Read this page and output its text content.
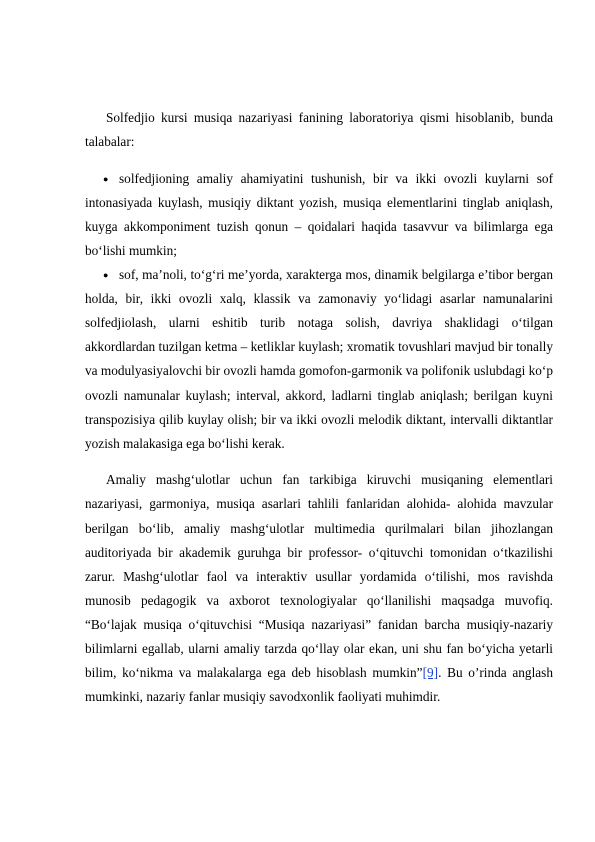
Solfedjio kursi musiqa nazariyasi fanining laboratoriya qismi hisoblanib, bunda talabalar:

● solfedjioning amaliy ahamiyatini tushunish, bir va ikki ovozli kuylarni sof intonasiyada kuylash, musiqiy diktant yozish, musiqa elementlarini tinglab aniqlash, kuyga akkomponiment tuzish qonun – qoidalari haqida tasavvur va bilimlarga ega bo‘lishi mumkin;
● sof, ma’noli, to‘g‘ri me’yorda, xarakterga mos, dinamik belgilarga e’tibor bergan holda, bir, ikki ovozli xalq, klassik va zamonaviy yo‘lidagi asarlar namunalarini solfedjiolash, ularni eshitib turib notaga solish, davriya shaklidagi o‘tilgan akkordlardan tuzilgan ketma – ketliklar kuylash; xromatik tovushlari mavjud bir tonally va modulyasiyalovchi bir ovozli hamda gomofon-garmonik va polifonik uslubdagi ko‘p ovozli namunalar kuylash; interval, akkord, ladlarni tinglab aniqlash; berilgan kuyni transpozisiya qilib kuylay olish; bir va ikki ovozli melodik diktant, intervalli diktantlar yozish malakasiga ega bo‘lishi kerak.

Amaliy mashg‘ulotlar uchun fan tarkibiga kiruvchi musiqaning elementlari nazariyasi, garmoniya, musiqa asarlari tahlili fanlaridan alohida- alohida mavzular berilgan bo‘lib, amaliy mashg‘ulotlar multimedia qurilmalari bilan jihozlangan auditoriyada bir akademik guruhga bir professor- o‘qituvchi tomonidan o‘tkazilishi zarur. Mashg‘ulotlar faol va interaktiv usullar yordamida o‘tilishi, mos ravishda munosib pedagogik va axborot texnologiyalar qo‘llanilishi maqsadga muvofiq. “Bo‘lajak musiqa o‘qituvchisi “Musiqa nazariyasi” fanidan barcha musiqiy-nazariy bilimlarni egallab, ularni amaliy tarzda qo‘llay olar ekan, uni shu fan bo‘yicha yetarli bilim, ko‘nikma va malakalarga ega deb hisoblash mumkin”[9]. Bu o’rinda anglash mumkinki, nazariy fanlar musiqiy savodxonlik faoliyati muhimdir.
